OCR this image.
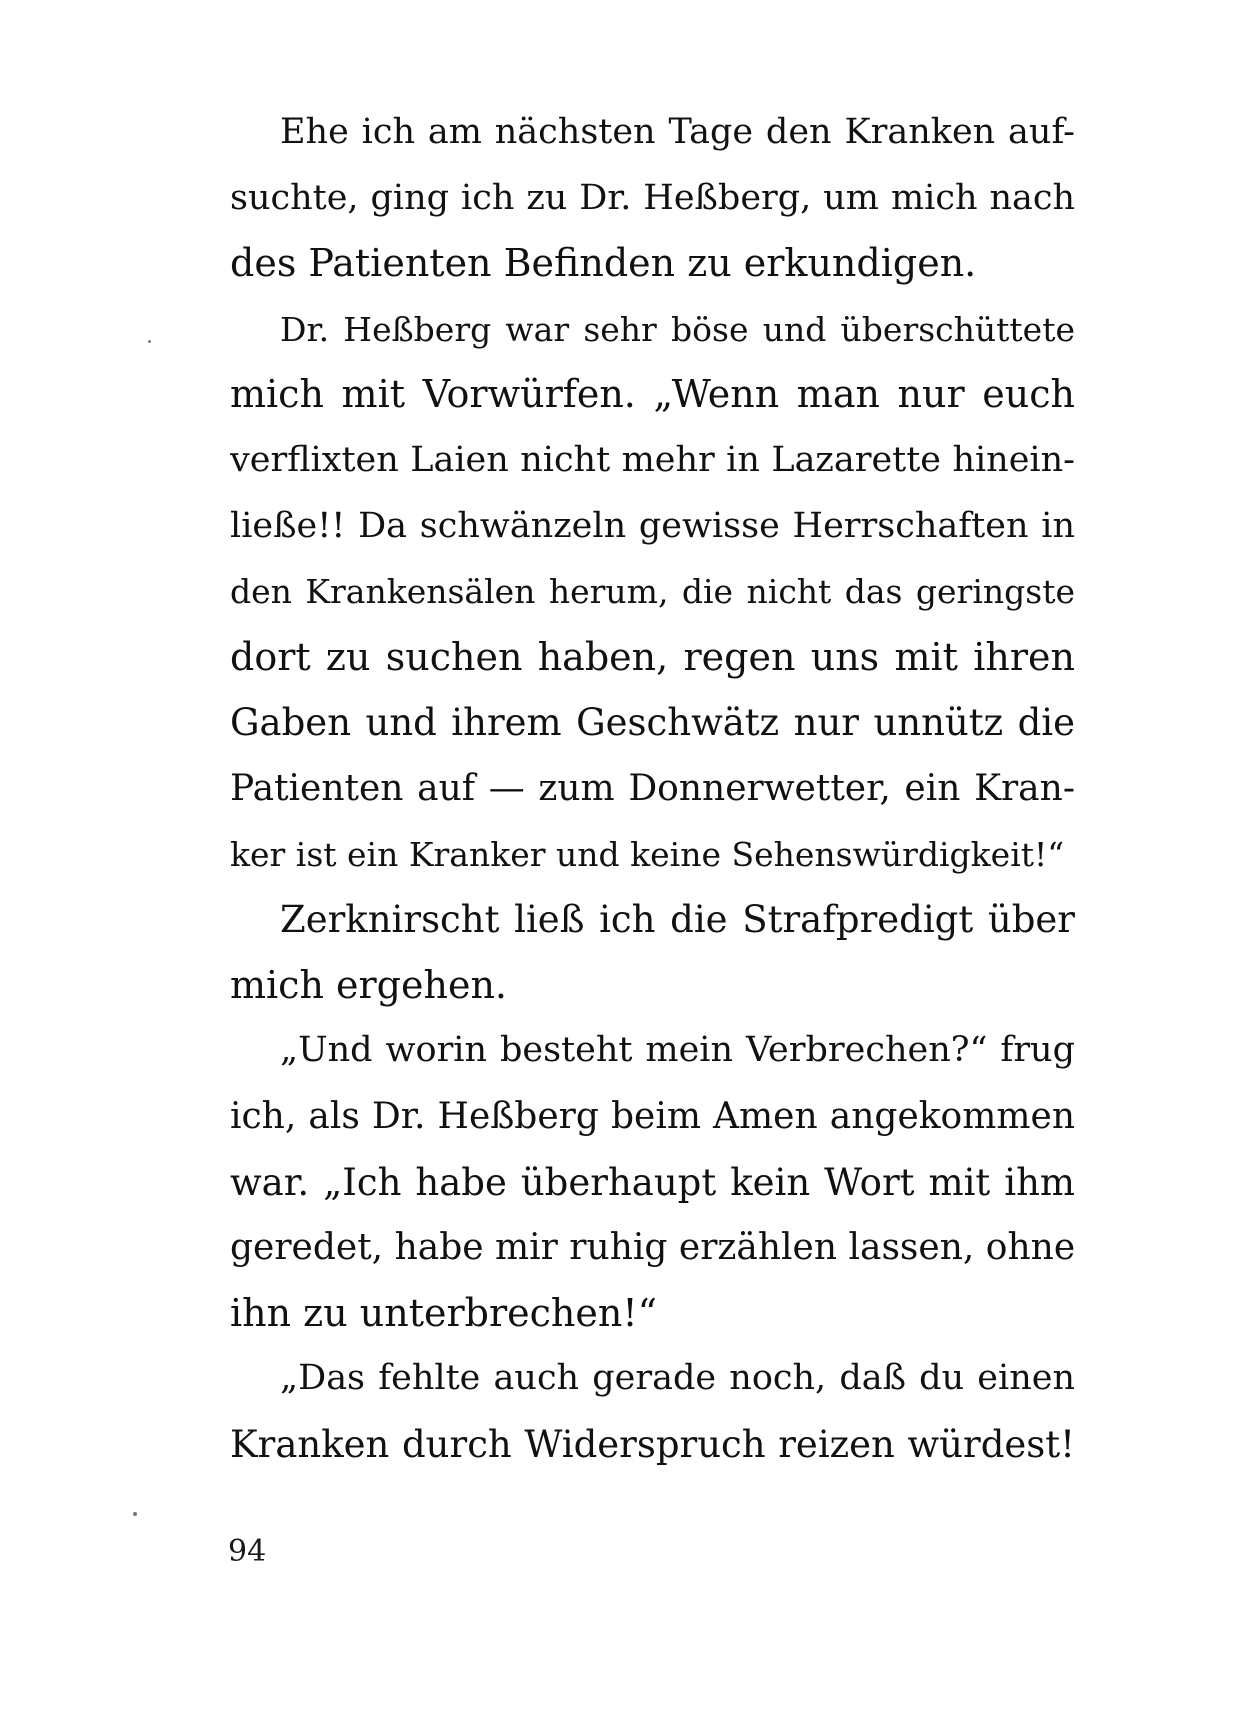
Ehe ich am nächsten Tage den Kranken auf-
suchte, ging ich zu Dr. Heßberg, um mich nach
des Patienten Befinden zu erkundigen.
Dr. Heßberg war sehr böse und überschüttete
mich mit Vorwürfen. „Wenn man nur euch
verflixten Laien nicht mehr in Lazarette hinein-
ließe!! Da schwänzeln gewisse Herrschaften in
den Krankensälen herum, die nicht das geringste
dort zu suchen haben, regen uns mit ihren
Gaben und ihrem Geschwätz nur unnütz die
Patienten auf — zum Donnerwetter, ein Kran-
ker ist ein Kranker und keine Sehenswürdigkeit!“
Zerknirscht ließ ich die Strafpredigt über
mich ergehen.
„Und worin besteht mein Verbrechen?“ frug
ich, als Dr. Heßberg beim Amen angekommen
war. „Ich habe überhaupt kein Wort mit ihm
geredet, habe mir ruhig erzählen lassen, ohne
ihn zu unterbrechen!“
„Das fehlte auch gerade noch, daß du einen
Kranken durch Widerspruch reizen würdest!
94
